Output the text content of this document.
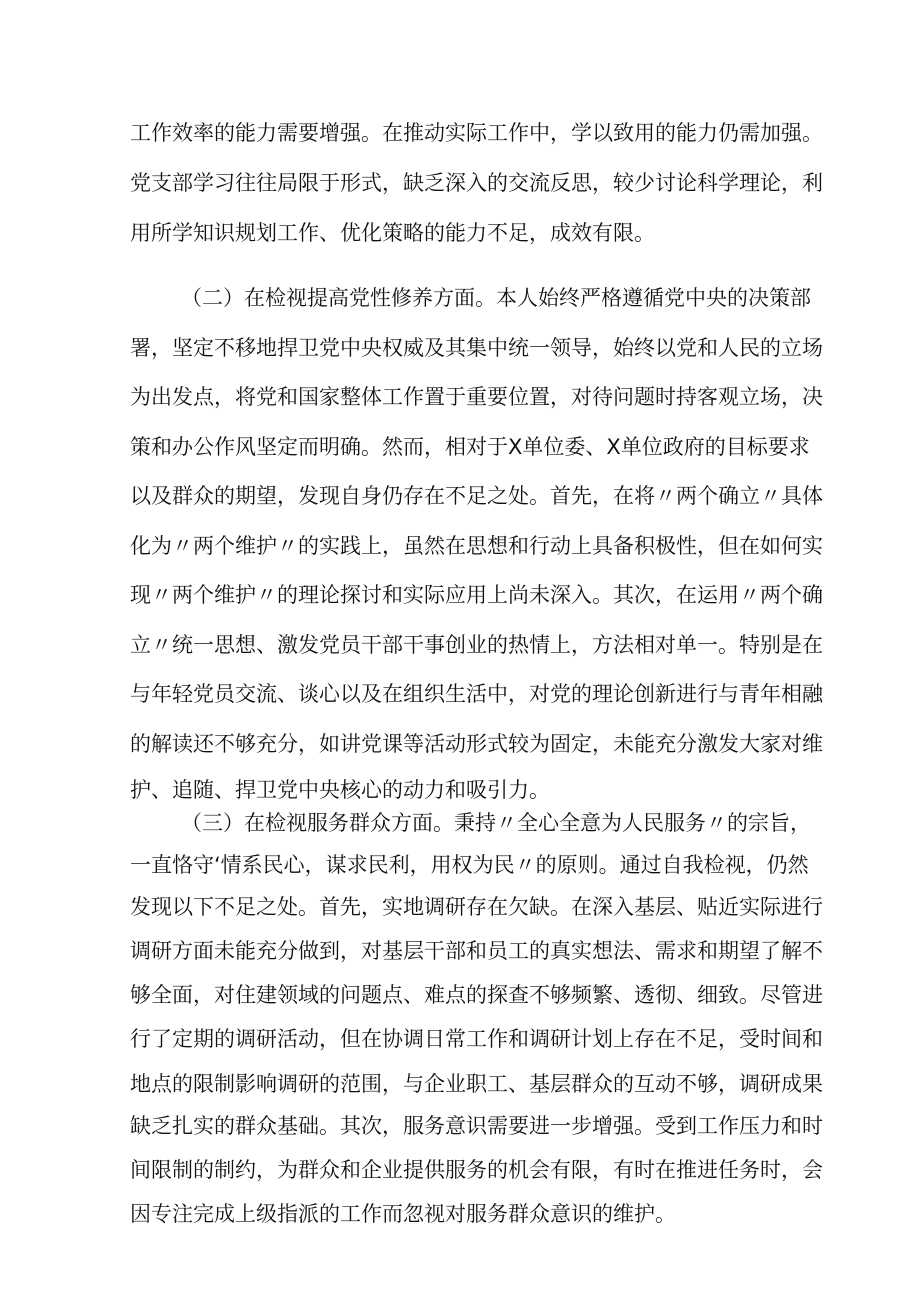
工作效率的能力需要增强。在推动实际工作中，学以致用的能力仍需加强。
党支部学习往往局限于形式，缺乏深入的交流反思，较少讨论科学理论，利
用所学知识规划工作、优化策略的能力不足，成效有限。
（二）在检视提高党性修养方面。本人始终严格遵循党中央的决策部
署，坚定不移地捍卫党中央权威及其集中统一领导，始终以党和人民的立场
为出发点，将党和国家整体工作置于重要位置，对待问题时持客观立场，决
策和办公作风坚定而明确。然而，相对于X单位委、X单位政府的目标要求
以及群众的期望，发现自身仍存在不足之处。首先，在将〃两个确立〃具体
化为〃两个维护〃的实践上，虽然在思想和行动上具备积极性，但在如何实
现〃两个维护〃的理论探讨和实际应用上尚未深入。其次，在运用〃两个确
立〃统一思想、激发党员干部干事创业的热情上，方法相对单一。特别是在
与年轻党员交流、谈心以及在组织生活中，对党的理论创新进行与青年相融
的解读还不够充分，如讲党课等活动形式较为固定，未能充分激发大家对维
护、追随、捍卫党中央核心的动力和吸引力。
（三）在检视服务群众方面。秉持〃全心全意为人民服务〃的宗旨，
一直恪守‘情系民心，谋求民利，用权为民〃的原则。通过自我检视，仍然
发现以下不足之处。首先，实地调研存在欠缺。在深入基层、贴近实际进行
调研方面未能充分做到，对基层干部和员工的真实想法、需求和期望了解不
够全面，对住建领域的问题点、难点的探查不够频繁、透彻、细致。尽管进
行了定期的调研活动，但在协调日常工作和调研计划上存在不足，受时间和
地点的限制影响调研的范围，与企业职工、基层群众的互动不够，调研成果
缺乏扎实的群众基础。其次，服务意识需要进一步增强。受到工作压力和时
间限制的制约，为群众和企业提供服务的机会有限，有时在推进任务时，会
因专注完成上级指派的工作而忽视对服务群众意识的维护。
